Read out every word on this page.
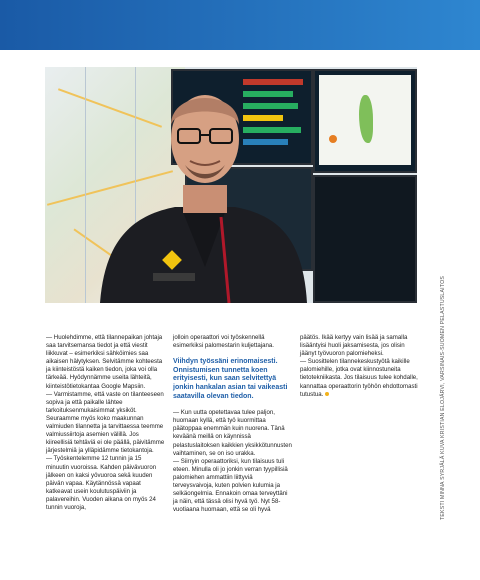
— Huolehdimme, että tilannepaikan johtaja saa tarvitsemansa tiedot ja että viestit liikkuvat – esimerkiksi sähköimies saa aikaisen hälytyksen. Selvitämme kohteesta ja kiinteistöstä kaiken tiedon, joka voi olla tärkeää. Hyödynnämme useita lähteitä, kiinteistötietokantaa Google Mapsiin.

— Varmistamme, että vaste on tilanteeseen sopiva ja että paikalle lähtee tarkoituksenmukaisimmat yksiköt. Seuraamme myös koko maakunnan valmiuden tilannetta ja tarvittaessa teemme valmiussiirtoja asemien välillä. Jos kiireellisiä tehtäviä ei ole päällä, päivitämme järjestelmiä ja ylläpidämme tietokantoja.

— Työskentelemme 12 tunnin ja 15 minuutin vuoroissa. Kahden päivävuoron jälkeen on kaksi yövuoroa sekä kuuden päivän vapaa. Käytännössä vapaat katkeavat usein koulutuspäiviin ja palavereihin. Vuoden aikana on myös 24 tunnin vuoroja,

jolloin operaattori voi työskennellä esimerkiksi palomestarin kuljettajana.

Viihdyn työssäni erinomaisesti. Onnistumisen tunnetta koen erityisesti, kun saan selvitettyä jonkin hankalan asian tai vaikeasti saatavilla olevan tiedon.

— Kun uutta opetettavaa tulee paljon, huomaan kyllä, että työ kuormittaa päätoppaa enemmän kuin nuorena. Tänä keväänä meillä on käynnissä pelastuslaitoksen kaikkien yksikkötunnusten vaihtaminen, se on iso urakka.

— Siirryin operaattoriksi, kun tilaisuus tuli eteen. Minulla oli jo jonkin verran tyypillisiä palomiehen ammattiin liittyviä terveysvaivoja, kuten polvien kulumia ja selkäongelmia. Ennakoin omaa terveyttäni ja näin, että tässä olisi hyvä työ. Nyt 58-vuotiaana huomaan, että se oli hyvä

päätös. Ikää kertyy vain lisää ja samalla lisääntyisi huoli jaksamisesta, jos olisin jäänyt työvuoron palomieheksi.

— Suosittelen tilannekeskustyötä kaikille palomiehille, jotka ovat kiinnostuneita tietotekniikasta. Jos tilaisuus tulee kohdalle, kannattaa operaattorin työhön ehdottomasti tutustua.	TEKSTI MINNA SYRJÄLÄ KUVA KRISTIAN ELOJÄRVI, VARSINAIS-SUOMEN PELASTUSLAITOS
